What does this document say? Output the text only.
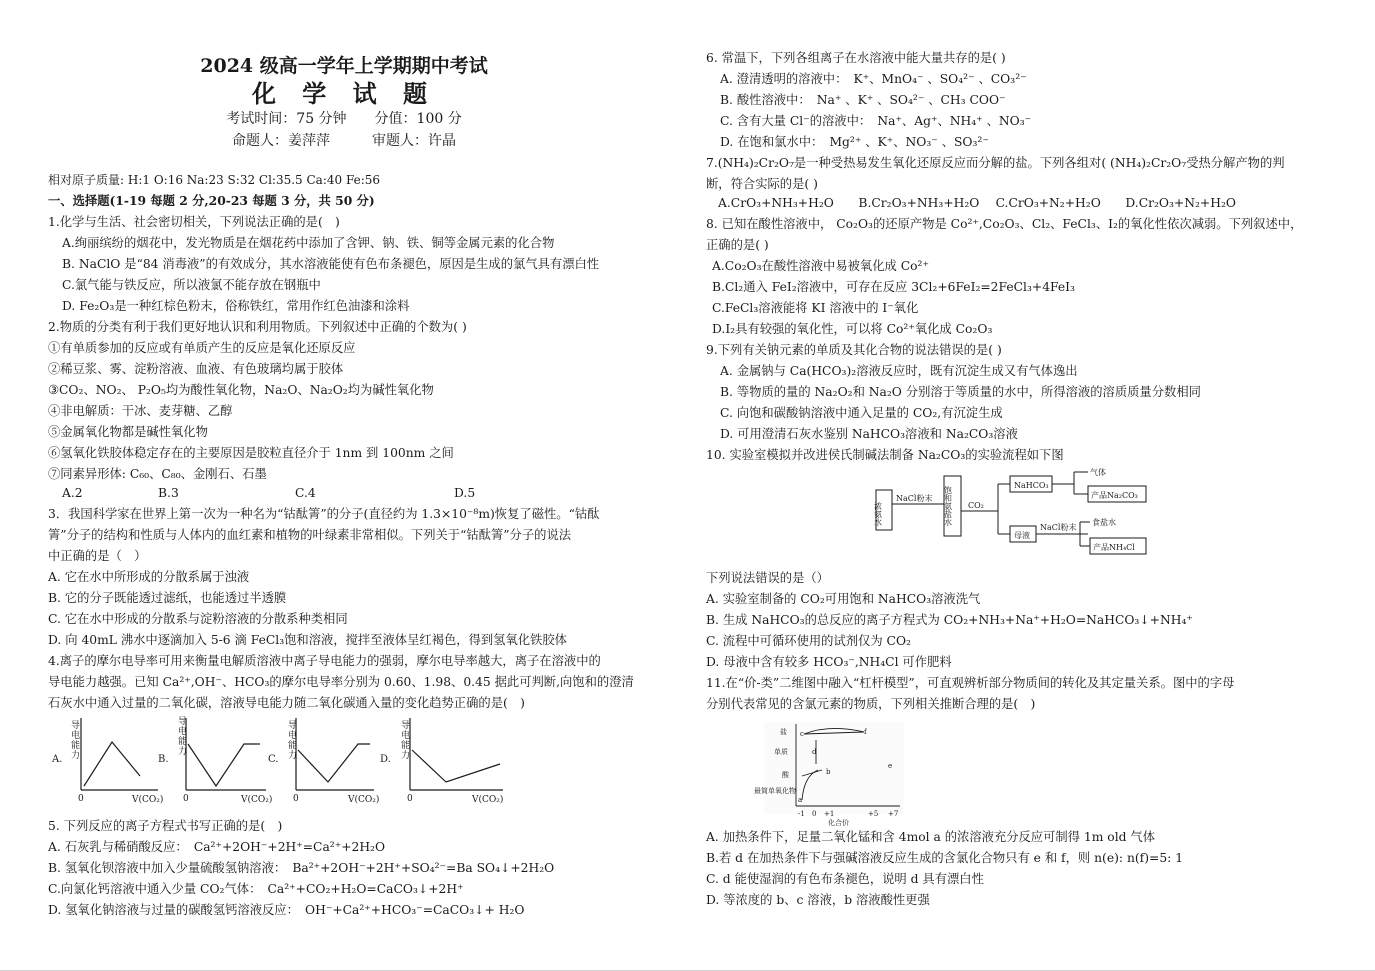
2024 级高一学年上学期期中考试
化 学 试 题
考试时间：75 分钟　　分值：100 分
命题人：姜萍萍　　　审题人：许晶
相对原子质量: H:1 O:16 Na:23 S:32 Cl:35.5 Ca:40 Fe:56
一、选择题(1-19 每题 2 分,20-23 每题 3 分，共 50 分)
1.化学与生活、社会密切相关，下列说法正确的是(　)
A.绚丽缤纷的烟花中，发光物质是在烟花药中添加了含钾、钠、铁、铜等金属元素的化合物
B. NaClO 是“84 消毒液”的有效成分，其水溶液能使有色布条褪色，原因是生成的氯气具有漂白性
C.氯气能与铁反应，所以液氯不能存放在钢瓶中
D. Fe₂O₃是一种红棕色粉末，俗称铁红，常用作红色油漆和涂料
2.物质的分类有利于我们更好地认识和利用物质。下列叙述中正确的个数为( )
①有单质参加的反应或有单质产生的反应是氧化还原反应
②稀豆浆、雾、淀粉溶液、血液、有色玻璃均属于胶体
③CO₂、NO₂、 P₂O₅均为酸性氧化物，Na₂O、Na₂O₂均为碱性氧化物
④非电解质：干冰、麦芽糖、乙醇
⑤金属氧化物都是碱性氧化物
⑥氢氧化铁胶体稳定存在的主要原因是胶粒直径介于 1nm 到 100nm 之间
⑦同素异形体: C₆₀、C₈₀、金刚石、石墨
A.2	B.3	C.4	D.5
3．我国科学家在世界上第一次为一种名为“钴酞箐”的分子(直径约为 1.3×10⁻⁸m)恢复了磁性。“钴酞
箐”分子的结构和性质与人体内的血红素和植物的叶绿素非常相似。下列关于“钴酞箐”分子的说法
中正确的是（　）
A. 它在水中所形成的分散系属于浊液
B. 它的分子既能透过滤纸，也能透过半透膜
C. 它在水中形成的分散系与淀粉溶液的分散系种类相同
D. 向 40mL 沸水中逐滴加入 5-6 滴 FeCl₃饱和溶液，搅拌至液体呈红褐色，得到氢氧化铁胶体
4.离子的摩尔电导率可用来衡量电解质溶液中离子导电能力的强弱，摩尔电导率越大，离子在溶液中的
导电能力越强。已知 Ca²⁺,OH⁻、HCO₃的摩尔电导率分别为 0.60、1.98、0.45 据此可判断,向饱和的澄清
石灰水中通入过量的二氧化碳，溶液导电能力随二氧化碳通入量的变化趋势正确的是(　)
A.	B.	C.	D.
导
电
能
力
导
电
能
力
导
电
能
力
导
电
能
力
0	V(CO₂) 0	V(CO₂) 0	V(CO₂)	0	V(CO₂)
5. 下列反应的离子方程式书写正确的是(　)
A. 石灰乳与稀硝酸反应：　Ca²⁺+2OH⁻+2H⁺=Ca²⁺+2H₂O
B. 氢氧化钡溶液中加入少量硫酸氢钠溶液：　Ba²⁺+2OH⁻+2H⁺+SO₄²⁻=Ba SO₄↓+2H₂O
C.向氯化钙溶液中通入少量 CO₂气体：　Ca²⁺+CO₂+H₂O=CaCO₃↓+2H⁺
D. 氢氧化钠溶液与过量的碳酸氢钙溶液反应：　OH⁻+Ca²⁺+HCO₃⁻=CaCO₃↓+ H₂O
6. 常温下，下列各组离子在水溶液中能大量共存的是( )
A. 澄清透明的溶液中：　K⁺、MnO₄⁻ 、SO₄²⁻ 、CO₃²⁻
B. 酸性溶液中：　Na⁺ 、K⁺ 、SO₄²⁻ 、CH₃ COO⁻
C. 含有大量 Cl⁻的溶液中：　Na⁺、Ag⁺、NH₄⁺ 、NO₃⁻
D. 在饱和氯水中：　Mg²⁺ 、K⁺、NO₃⁻ 、SO₃²⁻
7.(NH₄)₂Cr₂O₇是一种受热易发生氧化还原反应而分解的盐。下列各组对( (NH₄)₂Cr₂O₇受热分解产物的判
断，符合实际的是( )
A.CrO₃+NH₃+H₂O　　B.Cr₂O₃+NH₃+H₂O　 C.CrO₃+N₂+H₂O　　D.Cr₂O₃+N₂+H₂O
8. 已知在酸性溶液中， Co₂O₃的还原产物是 Co²⁺,Co₂O₃、Cl₂、FeCl₃、I₂的氧化性依次减弱。下列叙述中，
正确的是( )
A.Co₂O₃在酸性溶液中易被氧化成 Co²⁺
B.Cl₂通入 FeI₂溶液中，可存在反应 3Cl₂+6FeI₂=2FeCl₃+4FeI₃
C.FeCl₃溶液能将 KI 溶液中的 I⁻氧化
D.I₂具有较强的氧化性，可以将 Co²⁺氧化成 Co₂O₃
9.下列有关钠元素的单质及其化合物的说法错误的是( )
A. 金属钠与 Ca(HCO₃)₂溶液反应时，既有沉淀生成又有气体逸出
B. 等物质的量的 Na₂O₂和 Na₂O 分别溶于等质量的水中，所得溶液的溶质质量分数相同
C. 向饱和碳酸钠溶液中通入足量的 CO₂,有沉淀生成
D. 可用澄清石灰水鉴别 NaHCO₃溶液和 Na₂CO₃溶液
10. 实验室模拟并改进侯氏制碱法制备 Na₂CO₃的实验流程如下图
浓氨水
NaCl粉末 饱和氨盐水 CO₂
NaHCO₃
气体
产品Na₂CO₃
母液
NaCl粉末
食盐水
产品NH₄Cl
下列说法错误的是（）
A. 实验室制备的 CO₂可用饱和 NaHCO₃溶液洗气
B. 生成 NaHCO₃的总反应的离子方程式为 CO₂+NH₃+Na⁺+H₂O=NaHCO₃↓+NH₄⁺
C. 流程中可循环使用的试剂仅为 CO₂
D. 母液中含有较多 HCO₃⁻,NH₄Cl 可作肥料
11.在“价-类”二维图中融入“杠杆模型”，可直观辨析部分物质间的转化及其定量关系。图中的字母
分别代表常见的含氯元素的物质，下列相关推断合理的是(　)
盐
单质
酸
最简单氧化物
c	f
d
a
b
e
-1 0 +1	+5 +7
化合价
A. 加热条件下，足量二氧化锰和含 4mol a 的浓溶液充分反应可制得 1m old 气体
B.若 d 在加热条件下与强碱溶液反应生成的含氯化合物只有 e 和 f，则 n(e): n(f)=5: 1
C. d 能使湿润的有色布条褪色，说明 d 具有漂白性
D. 等浓度的 b、c 溶液，b 溶液酸性更强
